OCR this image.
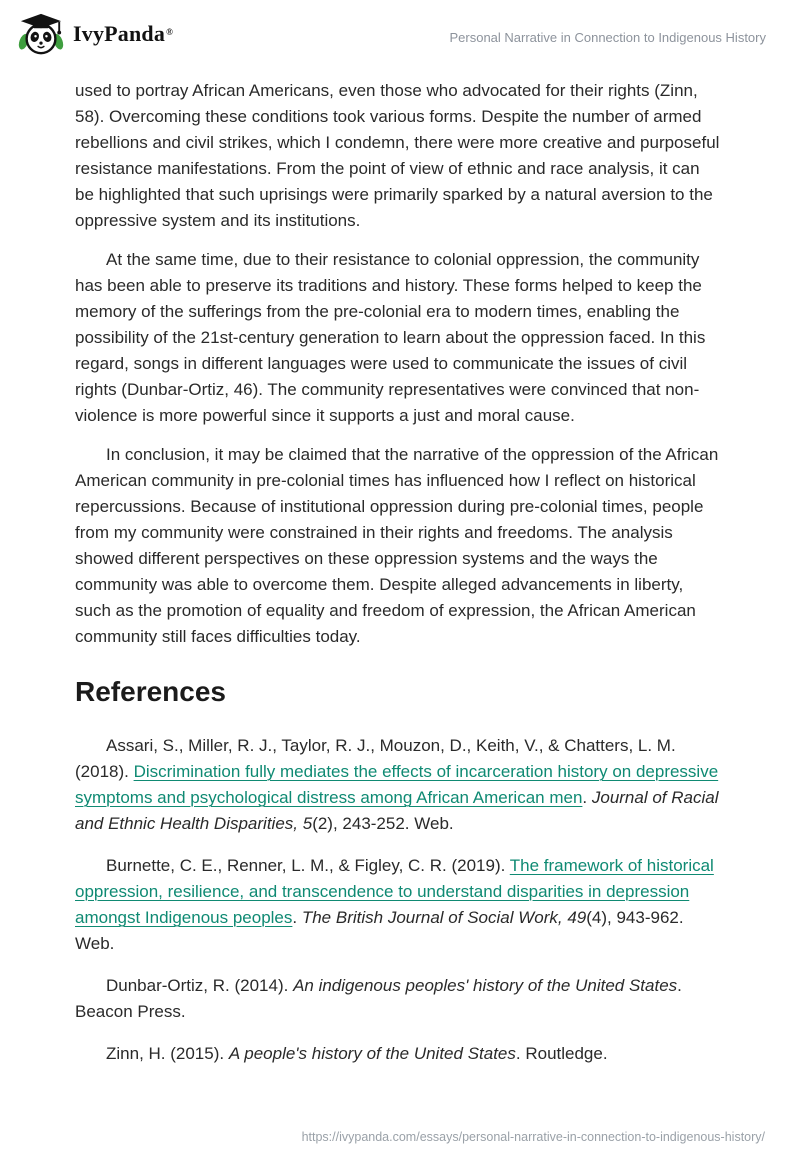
IvyPanda®	Personal Narrative in Connection to Indigenous History

used to portray African Americans, even those who advocated for their rights (Zinn, 58). Overcoming these conditions took various forms. Despite the number of armed rebellions and civil strikes, which I condemn, there were more creative and purposeful resistance manifestations. From the point of view of ethnic and race analysis, it can be highlighted that such uprisings were primarily sparked by a natural aversion to the oppressive system and its institutions.

At the same time, due to their resistance to colonial oppression, the community has been able to preserve its traditions and history. These forms helped to keep the memory of the sufferings from the pre-colonial era to modern times, enabling the possibility of the 21st-century generation to learn about the oppression faced. In this regard, songs in different languages were used to communicate the issues of civil rights (Dunbar-Ortiz, 46). The community representatives were convinced that non-violence is more powerful since it supports a just and moral cause.

In conclusion, it may be claimed that the narrative of the oppression of the African American community in pre-colonial times has influenced how I reflect on historical repercussions. Because of institutional oppression during pre-colonial times, people from my community were constrained in their rights and freedoms. The analysis showed different perspectives on these oppression systems and the ways the community was able to overcome them. Despite alleged advancements in liberty, such as the promotion of equality and freedom of expression, the African American community still faces difficulties today.

References

Assari, S., Miller, R. J., Taylor, R. J., Mouzon, D., Keith, V., & Chatters, L. M. (2018). Discrimination fully mediates the effects of incarceration history on depressive symptoms and psychological distress among African American men. Journal of Racial and Ethnic Health Disparities, 5(2), 243-252. Web.

Burnette, C. E., Renner, L. M., & Figley, C. R. (2019). The framework of historical oppression, resilience, and transcendence to understand disparities in depression amongst Indigenous peoples. The British Journal of Social Work, 49(4), 943-962. Web.

Dunbar-Ortiz, R. (2014). An indigenous peoples' history of the United States. Beacon Press.

Zinn, H. (2015). A people's history of the United States. Routledge.

https://ivypanda.com/essays/personal-narrative-in-connection-to-indigenous-history/
